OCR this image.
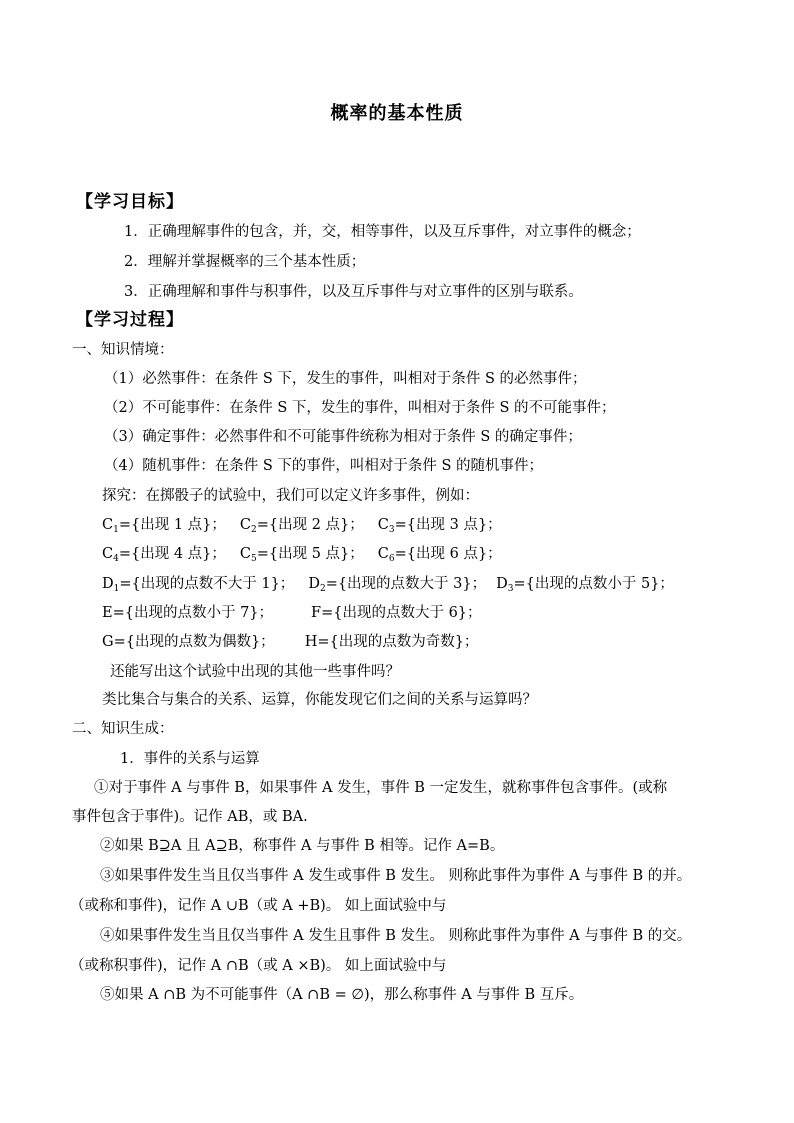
概率的基本性质
【学习目标】
1．正确理解事件的包含，并，交，相等事件，以及互斥事件，对立事件的概念；
2．理解并掌握概率的三个基本性质；
3．正确理解和事件与积事件，以及互斥事件与对立事件的区别与联系。
【学习过程】
一、知识情境：
（1）必然事件：在条件 S 下，发生的事件，叫相对于条件 S 的必然事件；
（2）不可能事件：在条件 S 下，发生的事件，叫相对于条件 S 的不可能事件；
（3）确定事件：必然事件和不可能事件统称为相对于条件 S 的确定事件；
（4）随机事件：在条件 S 下的事件，叫相对于条件 S 的随机事件；
探究：在掷骰子的试验中，我们可以定义许多事件，例如：
$C_1=${出现 1 点}； $C_2=${出现 2 点}； $C_3=${出现 3 点}；
$C_4=${出现 4 点}； $C_5=${出现 5 点}； $C_6=${出现 6 点}；
$D_1=${出现的点数不大于 1}； $D_2=${出现的点数大于 3}； $D_3=${出现的点数小于 5}；
E={出现的点数小于 7}；	F={出现的点数大于 6}；
G={出现的点数为偶数}； H={出现的点数为奇数}；
还能写出这个试验中出现的其他一些事件吗？
类比集合与集合的关系、运算，你能发现它们之间的关系与运算吗？
二、知识生成：
1．事件的关系与运算
①对于事件 A 与事件 B，如果事件 A 发生，事件 B 一定发生，就称事件包含事件。(或称
事件包含于事件)。记作 AB，或 BA.
②如果 B⊇A 且 A⊇B，称事件 A 与事件 B 相等。记作 A=B。
③如果事件发生当且仅当事件 A 发生或事件 B 发生。 则称此事件为事件 A 与事件 B 的并。
（或称和事件)，记作 A ∪B（或 A +B)。 如上面试验中与
④如果事件发生当且仅当事件 A 发生且事件 B 发生。 则称此事件为事件 A 与事件 B 的交。
（或称积事件)，记作 A ∩B（或 A ×B)。 如上面试验中与
⑤如果 A ∩B 为不可能事件（A ∩B = ∅)，那么称事件 A 与事件 B 互斥。
